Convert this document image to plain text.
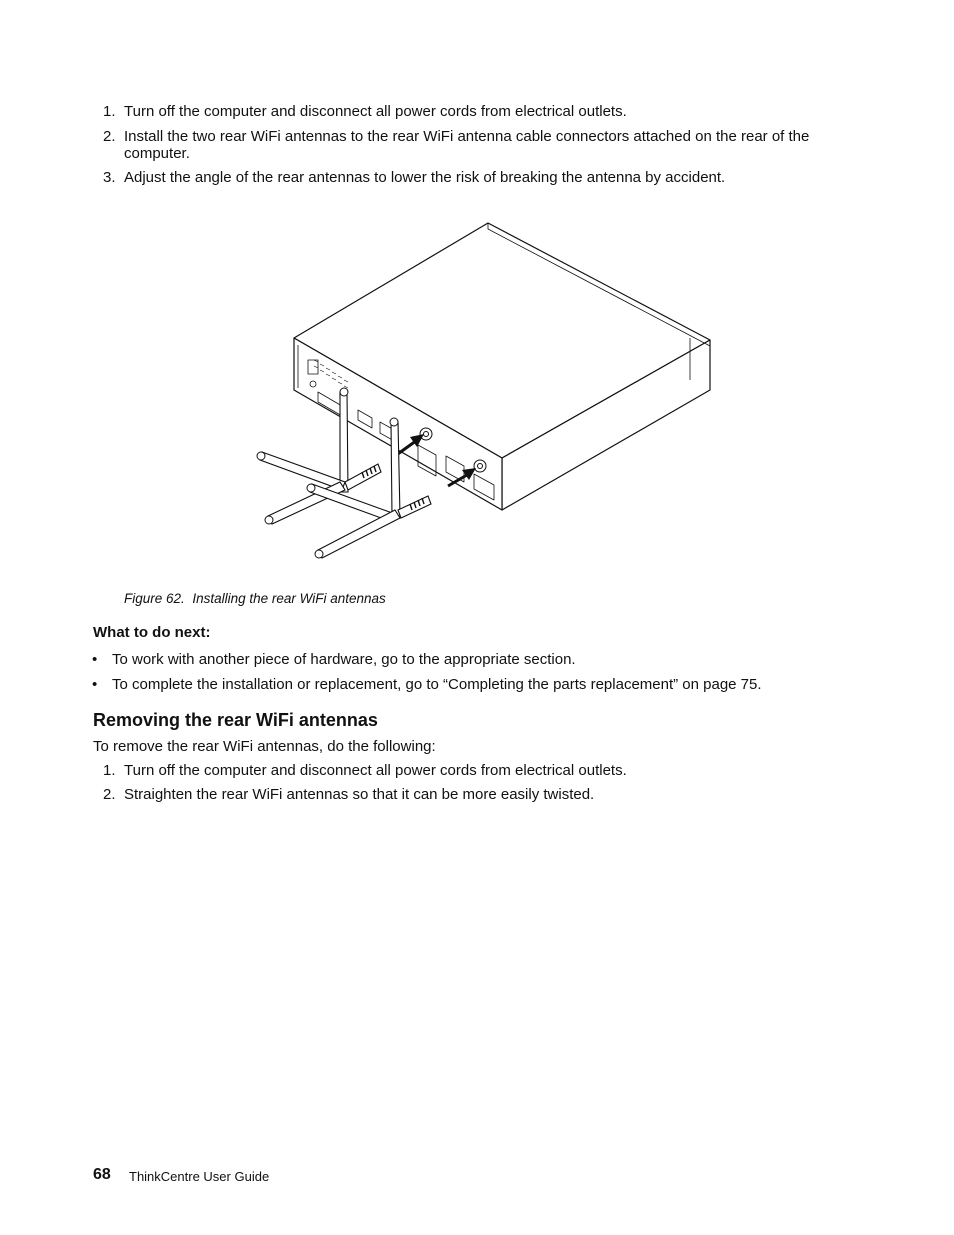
1. Turn off the computer and disconnect all power cords from electrical outlets.
2. Install the two rear WiFi antennas to the rear WiFi antenna cable connectors attached on the rear of the computer.
3. Adjust the angle of the rear antennas to lower the risk of breaking the antenna by accident.
Figure 62. Installing the rear WiFi antennas
What to do next:
• To work with another piece of hardware, go to the appropriate section.
• To complete the installation or replacement, go to “Completing the parts replacement” on page 75.
Removing the rear WiFi antennas
To remove the rear WiFi antennas, do the following:
1. Turn off the computer and disconnect all power cords from electrical outlets.
2. Straighten the rear WiFi antennas so that it can be more easily twisted.
68 ThinkCentre User Guide
